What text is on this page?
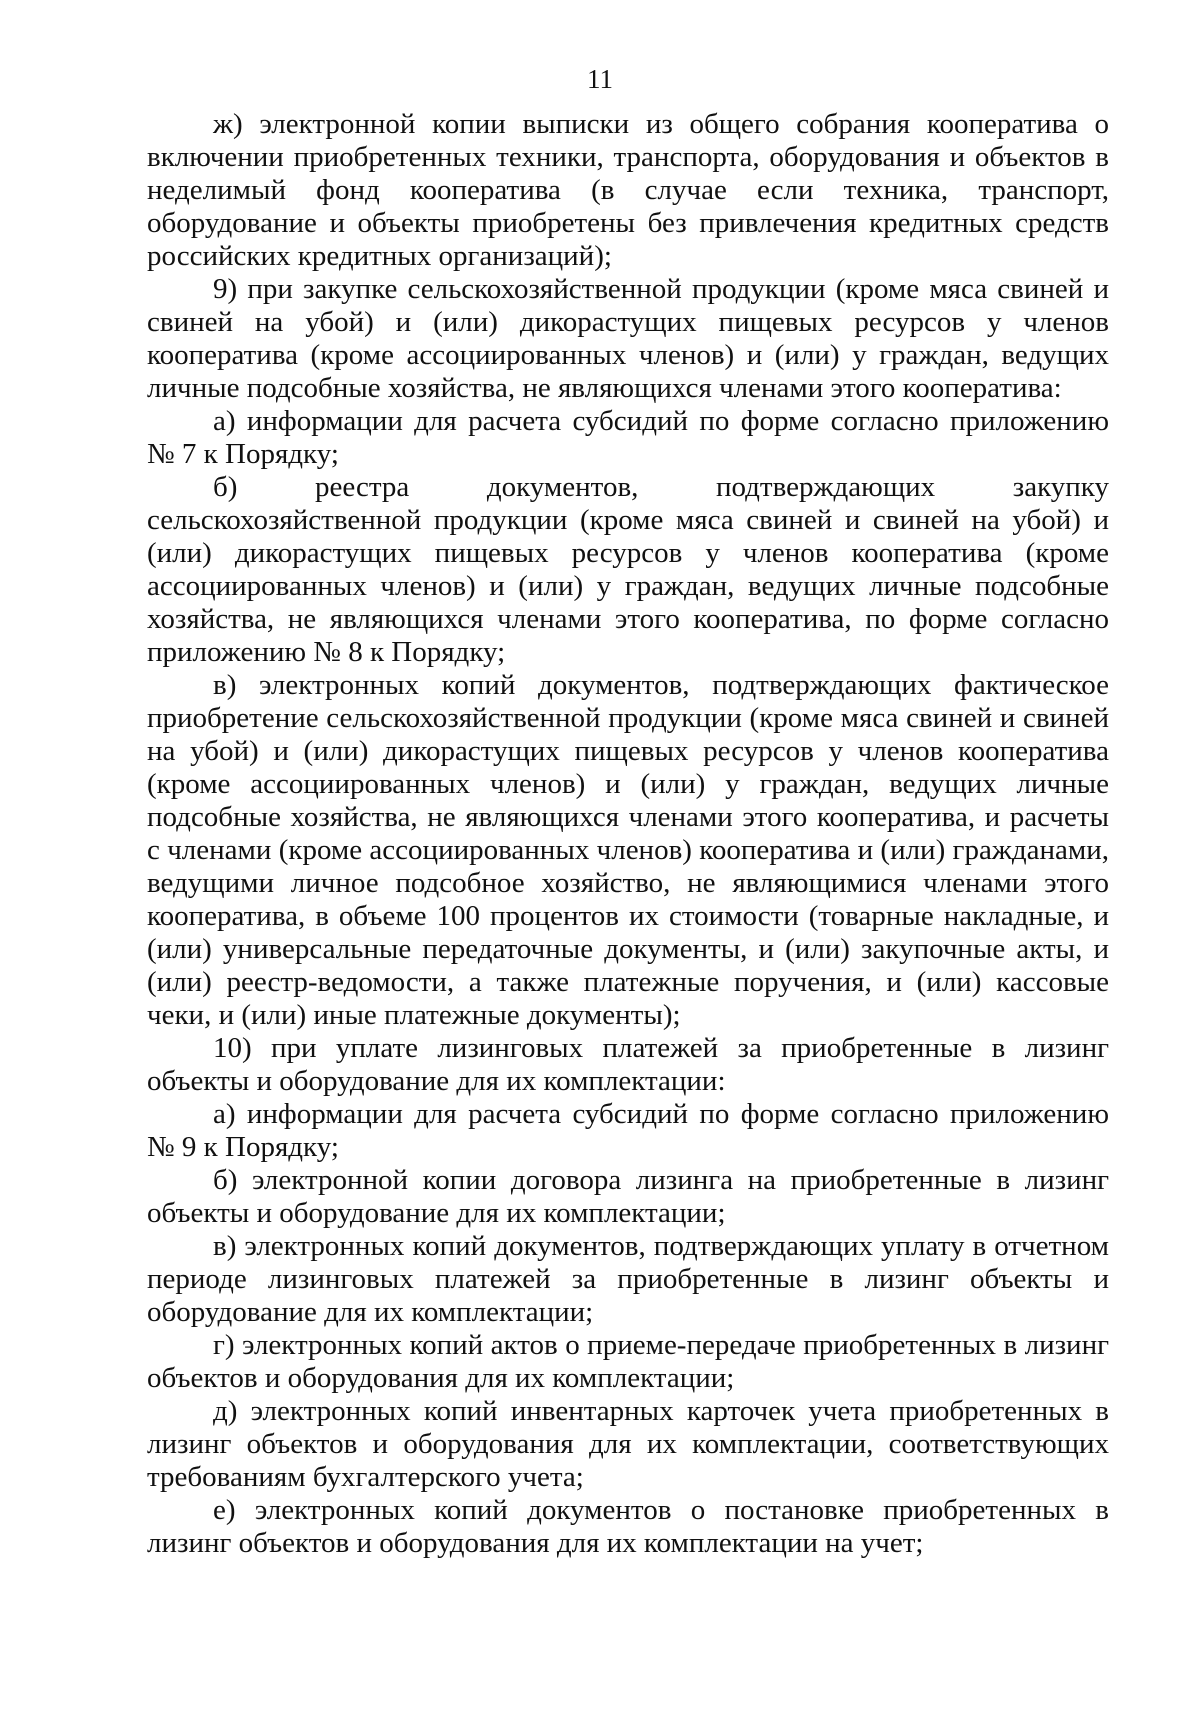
11

ж) электронной копии выписки из общего собрания кооператива о включении приобретенных техники, транспорта, оборудования и объектов в неделимый фонд кооператива (в случае если техника, транспорт, оборудование и объекты приобретены без привлечения кредитных средств российских кредитных организаций);

9) при закупке сельскохозяйственной продукции (кроме мяса свиней и свиней на убой) и (или) дикорастущих пищевых ресурсов у членов кооператива (кроме ассоциированных членов) и (или) у граждан, ведущих личные подсобные хозяйства, не являющихся членами этого кооператива:

а) информации для расчета субсидий по форме согласно приложению № 7 к Порядку;

б) реестра документов, подтверждающих закупку сельскохозяйственной продукции (кроме мяса свиней и свиней на убой) и (или) дикорастущих пищевых ресурсов у членов кооператива (кроме ассоциированных членов) и (или) у граждан, ведущих личные подсобные хозяйства, не являющихся членами этого кооператива, по форме согласно приложению № 8 к Порядку;

в) электронных копий документов, подтверждающих фактическое приобретение сельскохозяйственной продукции (кроме мяса свиней и свиней на убой) и (или) дикорастущих пищевых ресурсов у членов кооператива (кроме ассоциированных членов) и (или) у граждан, ведущих личные подсобные хозяйства, не являющихся членами этого кооператива, и расчеты с членами (кроме ассоциированных членов) кооператива и (или) гражданами, ведущими личное подсобное хозяйство, не являющимися членами этого кооператива, в объеме 100 процентов их стоимости (товарные накладные, и (или) универсальные передаточные документы, и (или) закупочные акты, и (или) реестр-ведомости, а также платежные поручения, и (или) кассовые чеки, и (или) иные платежные документы);

10) при уплате лизинговых платежей за приобретенные в лизинг объекты и оборудование для их комплектации:

а) информации для расчета субсидий по форме согласно приложению № 9 к Порядку;

б) электронной копии договора лизинга на приобретенные в лизинг объекты и оборудование для их комплектации;

в) электронных копий документов, подтверждающих уплату в отчетном периоде лизинговых платежей за приобретенные в лизинг объекты и оборудование для их комплектации;

г) электронных копий актов о приеме-передаче приобретенных в лизинг объектов и оборудования для их комплектации;

д) электронных копий инвентарных карточек учета приобретенных в лизинг объектов и оборудования для их комплектации, соответствующих требованиям бухгалтерского учета;

е) электронных копий документов о постановке приобретенных в лизинг объектов и оборудования для их комплектации на учет;
